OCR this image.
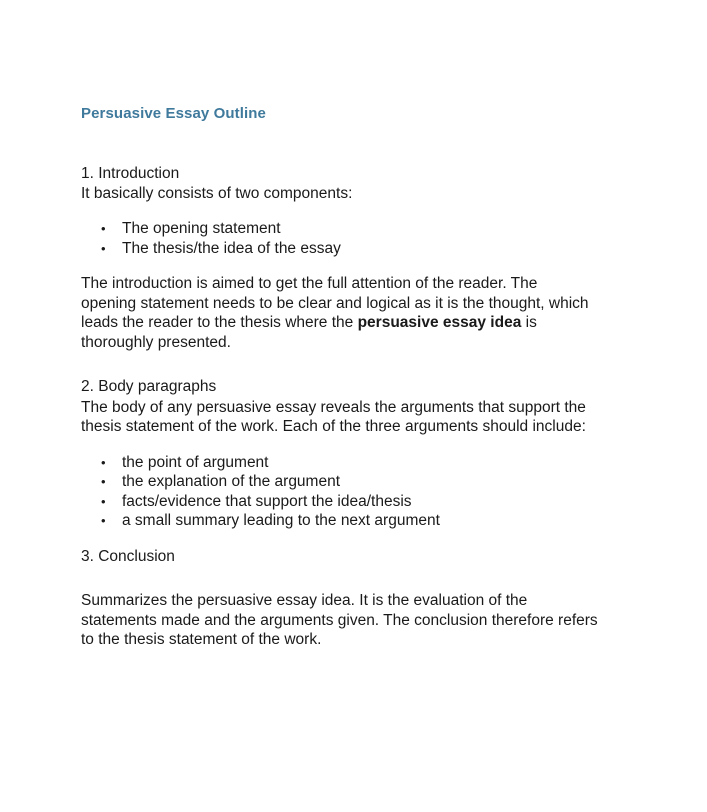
Persuasive Essay Outline
1. Introduction
It basically consists of two components:
• The opening statement
• The thesis/the idea of the essay

The introduction is aimed to get the full attention of the reader. The
opening statement needs to be clear and logical as it is the thought, which
leads the reader to the thesis where the persuasive essay idea is
thoroughly presented.

2. Body paragraphs

The body of any persuasive essay reveals the arguments that support the
thesis statement of the work. Each of the three arguments should include:

• the point of argument
• the explanation of the argument
• facts/evidence that support the idea/thesis
• a small summary leading to the next argument
3. Conclusion

Summarizes the persuasive essay idea. It is the evaluation of the
statements made and the arguments given. The conclusion therefore refers
to the thesis statement of the work.
